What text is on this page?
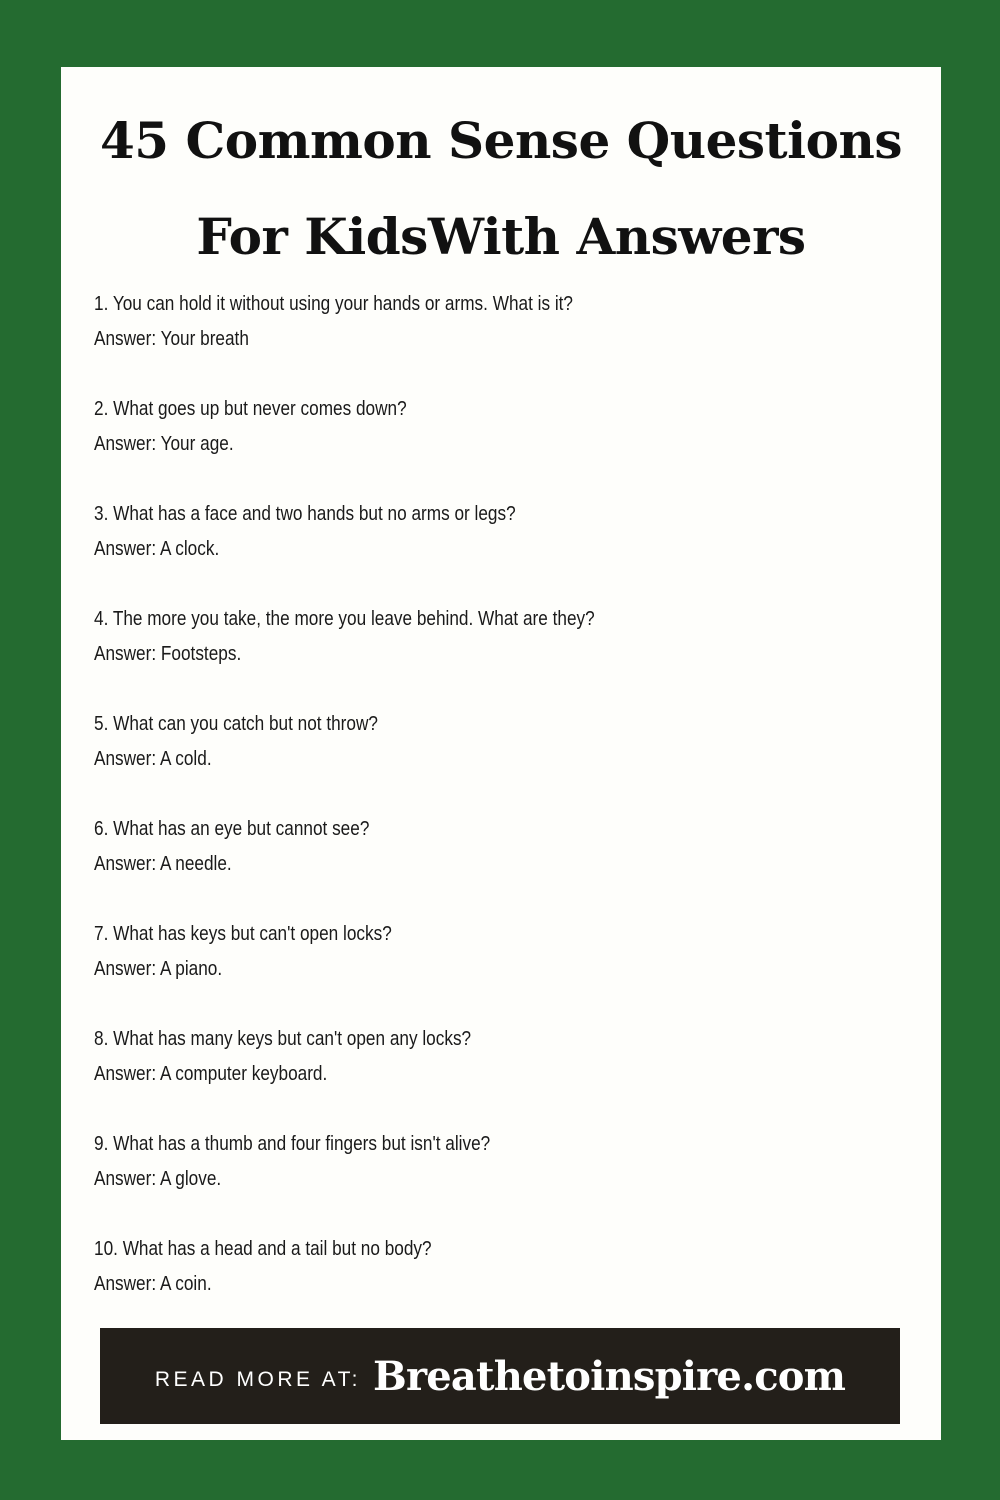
45 Common Sense Questions
For KidsWith Answers
1. You can hold it without using your hands or arms. What is it?
Answer: Your breath
2. What goes up but never comes down?
Answer: Your age.
3. What has a face and two hands but no arms or legs?
Answer: A clock.
4. The more you take, the more you leave behind. What are they?
Answer: Footsteps.
5. What can you catch but not throw?
Answer: A cold.
6. What has an eye but cannot see?
Answer: A needle.
7. What has keys but can't open locks?
Answer: A piano.
8. What has many keys but can't open any locks?
Answer: A computer keyboard.
9. What has a thumb and four fingers but isn't alive?
Answer: A glove.
10. What has a head and a tail but no body?
Answer: A coin.
READ MORE AT: Breathetoinspire.com
